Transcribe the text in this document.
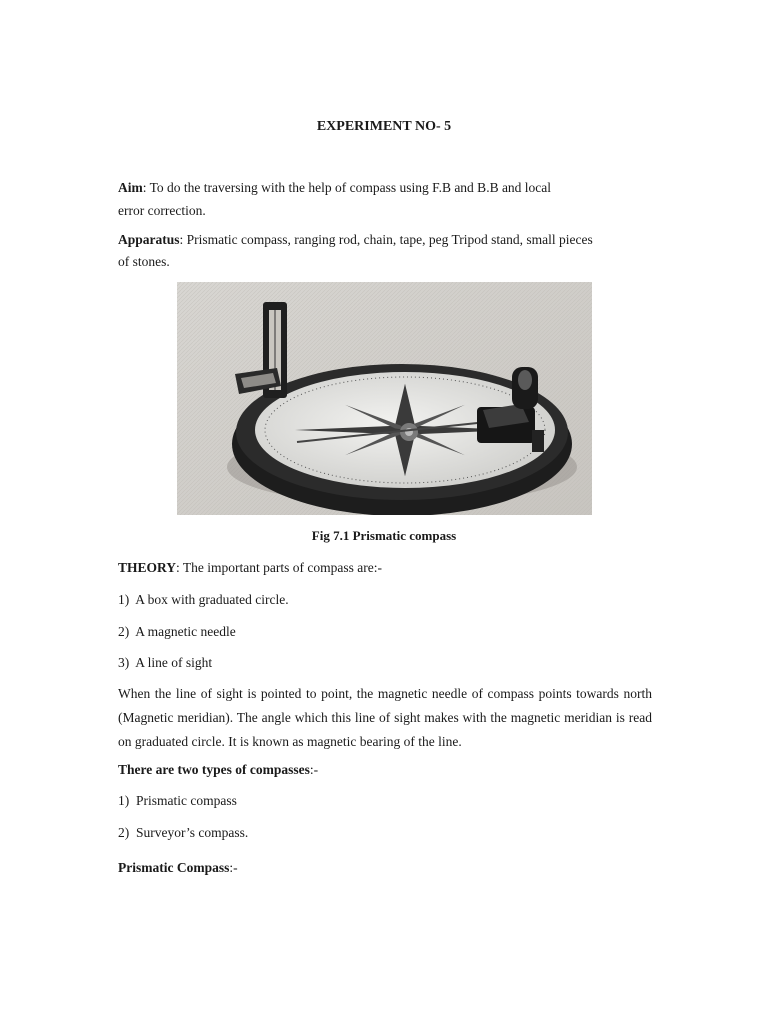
EXPERIMENT NO- 5

Aim: To do the traversing with the help of compass using F.B and B.B and local

error correction.

Apparatus: Prismatic compass, ranging rod, chain, tape, peg Tripod stand, small pieces

of stones.

Fig 7.1 Prismatic compass

THEORY: The important parts of compass are:-

1) A box with graduated circle.

2) A magnetic needle

3) A line of sight

When the line of sight is pointed to point, the magnetic needle of compass points towards north (Magnetic meridian). The angle which this line of sight makes with the magnetic meridian is read on graduated circle. It is known as magnetic bearing of the line.

There are two types of compasses:-

1) Prismatic compass

2) Surveyor’s compass.

Prismatic Compass:-
